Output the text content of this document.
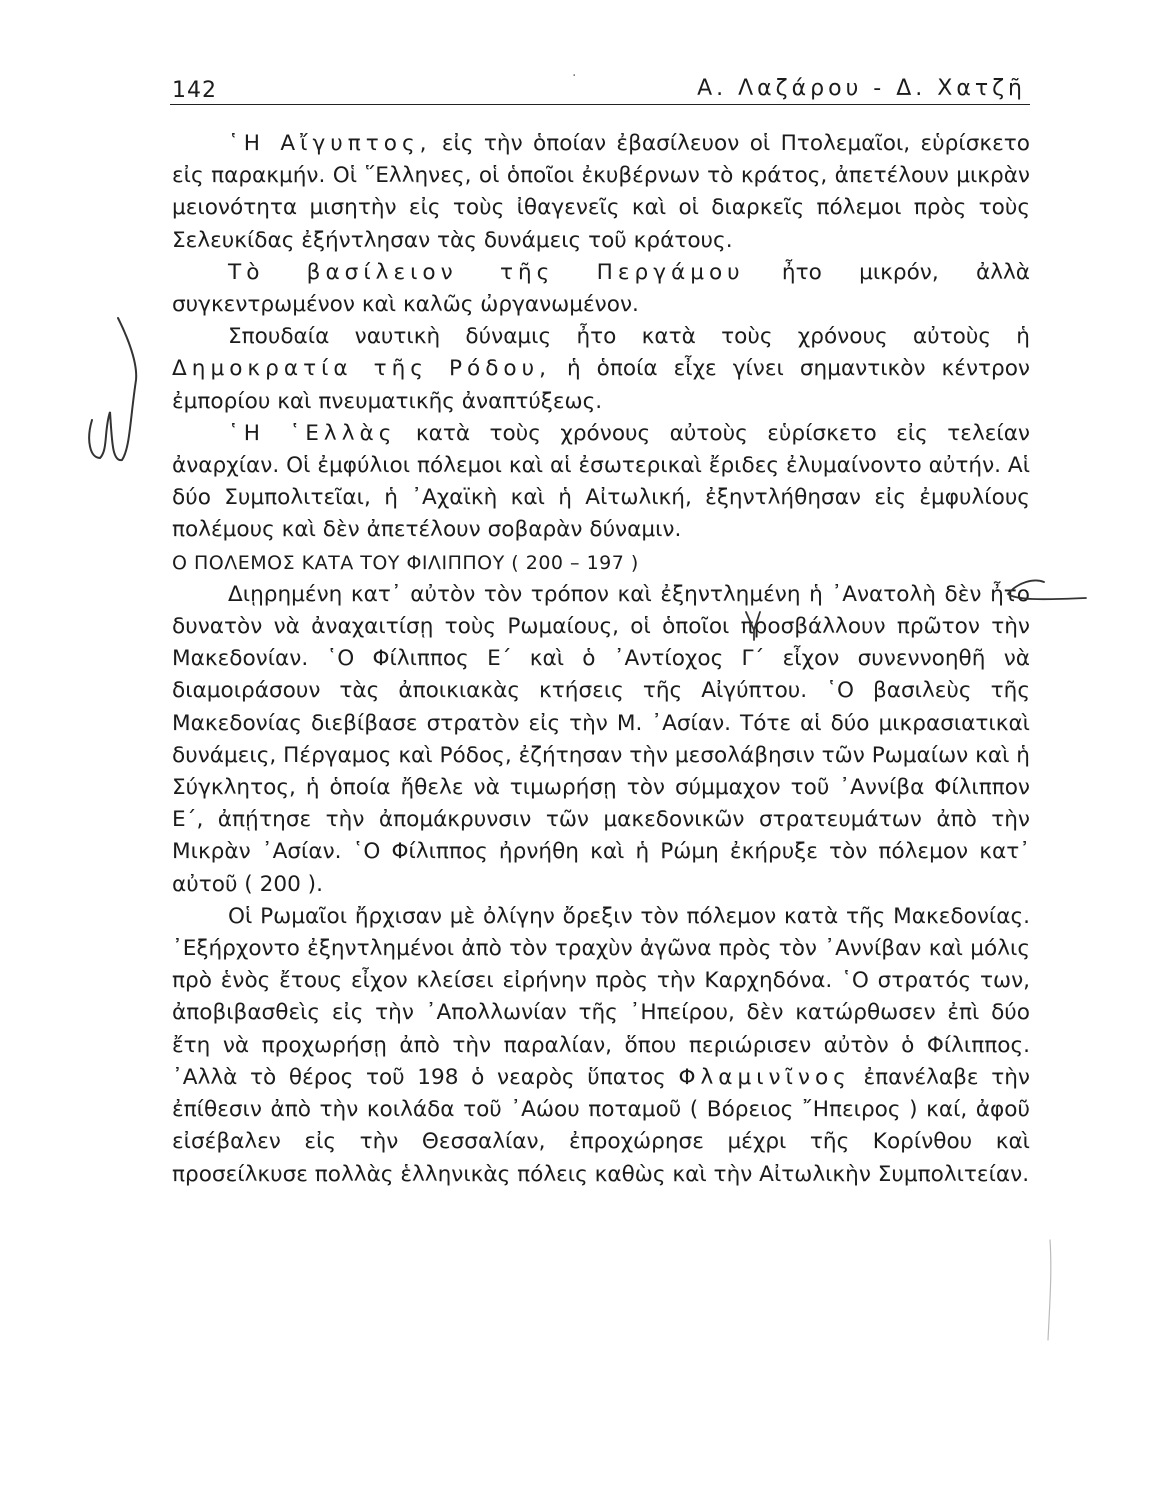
142	Α. Λαζάρου - Δ. Χατζῆ

῾Η Αἴγυπτος, εἰς τὴν ὁποίαν ἐβασίλευον οἱ Πτολεμαῖοι, εὑρίσκετο εἰς παρακμήν. Οἱ ῞Ελληνες, οἱ ὁποῖοι ἐκυβέρνων τὸ κράτος, ἀπετέλουν μικρὰν μειονότητα μισητὴν εἰς τοὺς ἰθαγενεῖς καὶ οἱ διαρκεῖς πόλεμοι πρὸς τοὺς Σελευκίδας ἐξήντλησαν τὰς δυνάμεις τοῦ κράτους.

Τὸ βασίλειον τῆς Περγάμου ἦτο μικρόν, ἀλλὰ συγκεντρωμένον καὶ καλῶς ὠργανωμένον.

Σπουδαία ναυτικὴ δύναμις ἦτο κατὰ τοὺς χρόνους αὐτοὺς ἡ Δημοκρατία τῆς Ρόδου, ἡ ὁποία εἶχε γίνει σημαντικὸν κέντρον ἐμπορίου καὶ πνευματικῆς ἀναπτύξεως.

῾Η ῾Ελλὰς κατὰ τοὺς χρόνους αὐτοὺς εὑρίσκετο εἰς τελείαν ἀναρχίαν. Οἱ ἐμφύλιοι πόλεμοι καὶ αἱ ἐσωτερικαὶ ἔριδες ἐλυμαίνοντο αὐτήν. Αἱ δύο Συμπολιτεῖαι, ἡ ᾿Αχαϊκὴ καὶ ἡ Αἰτωλική, ἐξηντλήθησαν εἰς ἐμφυλίους πολέμους καὶ δὲν ἀπετέλουν σοβαρὰν δύναμιν.

Ο ΠΟΛΕΜΟΣ ΚΑΤΑ ΤΟΥ ΦΙΛΙΠΠΟΥ ( 200 – 197 )

Διῃρημένη κατ᾿ αὐτὸν τὸν τρόπον καὶ ἐξηντλημένη ἡ ᾿Ανατολὴ δὲν ἦτο δυνατὸν νὰ ἀναχαιτίσῃ τοὺς Ρωμαίους, οἱ ὁποῖοι προσβάλλουν πρῶτον τὴν Μακεδονίαν. ῾Ο Φίλιππος Ε΄ καὶ ὁ ᾿Αντίοχος Γ΄ εἶχον συνεννοηθῆ νὰ διαμοιράσουν τὰς ἀποικιακὰς κτήσεις τῆς Αἰγύπτου. ῾Ο βασιλεὺς τῆς Μακεδονίας διεβίβασε στρατὸν εἰς τὴν Μ. ᾿Ασίαν. Τότε αἱ δύο μικρασιατικαὶ δυνάμεις, Πέργαμος καὶ Ρόδος, ἐζήτησαν τὴν μεσολάβησιν τῶν Ρωμαίων καὶ ἡ Σύγκλητος, ἡ ὁποία ἤθελε νὰ τιμωρήσῃ τὸν σύμμαχον τοῦ ᾿Αννίβα Φίλιππον Ε΄, ἀπῄτησε τὴν ἀπομάκρυνσιν τῶν μακεδονικῶν στρατευμάτων ἀπὸ τὴν Μικρὰν ᾿Ασίαν. ῾Ο Φίλιππος ἠρνήθη καὶ ἡ Ρώμη ἐκήρυξε τὸν πόλεμον κατ᾿ αὐτοῦ ( 200 ).

Οἱ Ρωμαῖοι ἤρχισαν μὲ ὀλίγην ὄρεξιν τὸν πόλεμον κατὰ τῆς Μακεδονίας. ᾿Εξήρχοντο ἐξηντλημένοι ἀπὸ τὸν τραχὺν ἀγῶνα πρὸς τὸν ᾿Αννίβαν καὶ μόλις πρὸ ἑνὸς ἔτους εἶχον κλείσει εἰρήνην πρὸς τὴν Καρχηδόνα. ῾Ο στρατός των, ἀποβιβασθεὶς εἰς τὴν ᾿Απολλωνίαν τῆς ᾿Ηπείρου, δὲν κατώρθωσεν ἐπὶ δύο ἔτη νὰ προχωρήσῃ ἀπὸ τὴν παραλίαν, ὅπου περιώρισεν αὐτὸν ὁ Φίλιππος. ᾿Αλλὰ τὸ θέρος τοῦ 198 ὁ νεαρὸς ὕπατος Φλαμινῖνος ἐπανέλαβε τὴν ἐπίθεσιν ἀπὸ τὴν κοιλάδα τοῦ ᾿Αώου ποταμοῦ ( Βόρειος ῎Ηπειρος ) καί, ἀφοῦ εἰσέβαλεν εἰς τὴν Θεσσαλίαν, ἐπροχώρησε μέχρι τῆς Κορίνθου καὶ προσείλκυσε πολλὰς ἑλληνικὰς πόλεις καθὼς καὶ τὴν Αἰτωλικὴν Συμπολιτείαν.

·
